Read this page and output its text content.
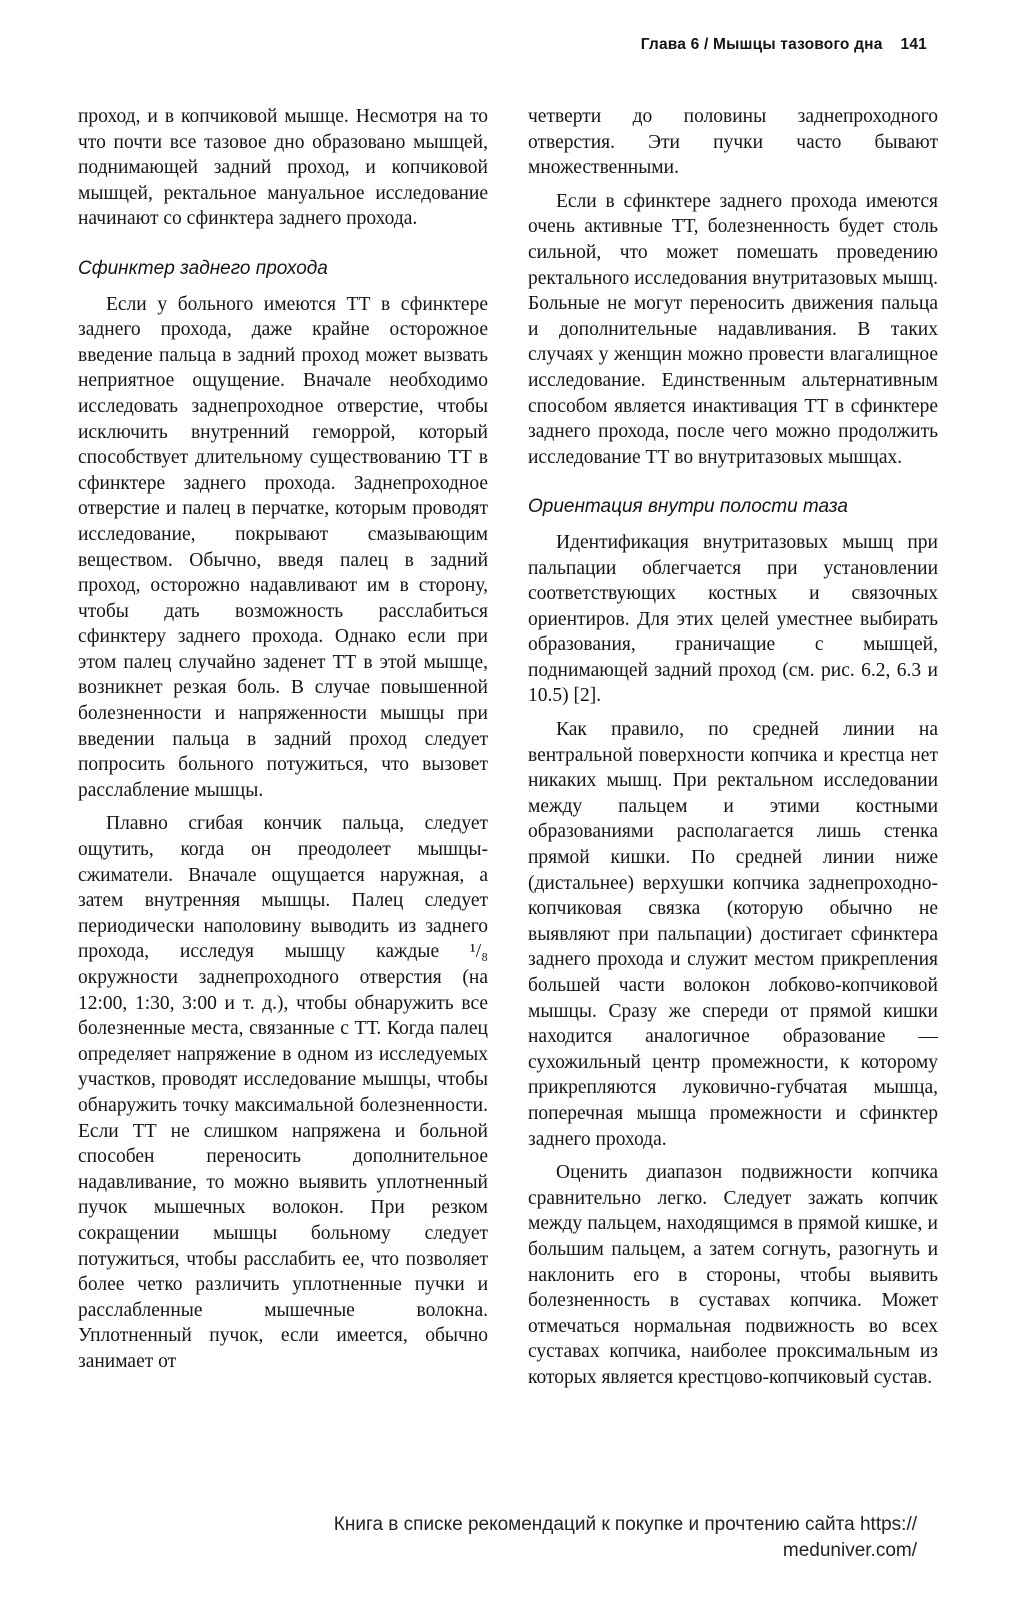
Глава 6 / Мышцы тазового дна 141

проход, и в копчиковой мышце. Несмотря на то что почти все тазовое дно образовано мышцей, поднимающей задний проход, и копчиковой мышцей, ректальное мануальное исследование начинают со сфинктера заднего прохода.

Сфинктер заднего прохода

Если у больного имеются ТТ в сфинктере заднего прохода, даже крайне осторожное введение пальца в задний проход может вызвать неприятное ощущение. Вначале необходимо исследовать заднепроходное отверстие, чтобы исключить внутренний геморрой, который способствует длительному существованию ТТ в сфинктере заднего прохода. Заднепроходное отверстие и палец в перчатке, которым проводят исследование, покрывают смазывающим веществом. Обычно, введя палец в задний проход, осторожно надавливают им в сторону, чтобы дать возможность расслабиться сфинктеру заднего прохода. Однако если при этом палец случайно заденет ТТ в этой мышце, возникнет резкая боль. В случае повышенной болезненности и напряженности мышцы при введении пальца в задний проход следует попросить больного потужиться, что вызовет расслабление мышцы.

Плавно сгибая кончик пальца, следует ощутить, когда он преодолеет мышцы-сжиматели. Вначале ощущается наружная, а затем внутренняя мышцы. Палец следует периодически наполовину выводить из заднего прохода, исследуя мышцу каждые ¹/₈ окружности заднепроходного отверстия (на 12:00, 1:30, 3:00 и т. д.), чтобы обнаружить все болезненные места, связанные с ТТ. Когда палец определяет напряжение в одном из исследуемых участков, проводят исследование мышцы, чтобы обнаружить точку максимальной болезненности. Если ТТ не слишком напряжена и больной способен переносить дополнительное надавливание, то можно выявить уплотненный пучок мышечных волокон. При резком сокращении мышцы больному следует потужиться, чтобы расслабить ее, что позволяет более четко различить уплотненные пучки и расслабленные мышечные волокна. Уплотненный пучок, если имеется, обычно занимает от

четверти до половины заднепроходного отверстия. Эти пучки часто бывают множественными.

Если в сфинктере заднего прохода имеются очень активные ТТ, болезненность будет столь сильной, что может помешать проведению ректального исследования внутритазовых мышц. Больные не могут переносить движения пальца и дополнительные надавливания. В таких случаях у женщин можно провести влагалищное исследование. Единственным альтернативным способом является инактивация ТТ в сфинктере заднего прохода, после чего можно продолжить исследование ТТ во внутритазовых мышцах.

Ориентация внутри полости таза

Идентификация внутритазовых мышц при пальпации облегчается при установлении соответствующих костных и связочных ориентиров. Для этих целей уместнее выбирать образования, граничащие с мышцей, поднимающей задний проход (см. рис. 6.2, 6.3 и 10.5) [2].

Как правило, по средней линии на вентральной поверхности копчика и крестца нет никаких мышц. При ректальном исследовании между пальцем и этими костными образованиями располагается лишь стенка прямой кишки. По средней линии ниже (дистальнее) верхушки копчика заднепроходно-копчиковая связка (которую обычно не выявляют при пальпации) достигает сфинктера заднего прохода и служит местом прикрепления большей части волокон лобково-копчиковой мышцы. Сразу же спереди от прямой кишки находится аналогичное образование — сухожильный центр промежности, к которому прикрепляются луковично-губчатая мышца, поперечная мышца промежности и сфинктер заднего прохода.

Оценить диапазон подвижности копчика сравнительно легко. Следует зажать копчик между пальцем, находящимся в прямой кишке, и большим пальцем, а затем согнуть, разогнуть и наклонить его в стороны, чтобы выявить болезненность в суставах копчика. Может отмечаться нормальная подвижность во всех суставах копчика, наиболее проксимальным из которых является крестцово-копчиковый сустав.

Книга в списке рекомендаций к покупке и прочтению сайта https://
meduniver.com/
